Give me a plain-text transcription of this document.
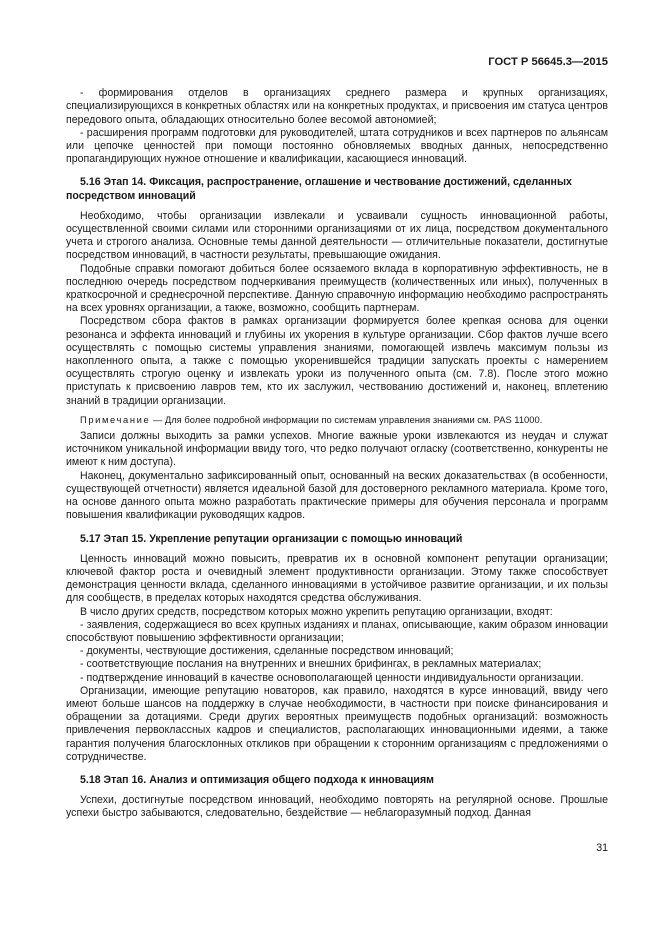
ГОСТ Р 56645.3—2015

- формирования отделов в организациях среднего размера и крупных организациях, специализирующихся в конкретных областях или на конкретных продуктах, и присвоения им статуса центров передового опыта, обладающих относительно более весомой автономией;

- расширения программ подготовки для руководителей, штата сотрудников и всех партнеров по альянсам или цепочке ценностей при помощи постоянно обновляемых вводных данных, непосредственно пропагандирующих нужное отношение и квалификации, касающиеся инноваций.

5.16 Этап 14. Фиксация, распространение, оглашение и чествование достижений, сделанных посредством инноваций

Необходимо, чтобы организации извлекали и усваивали сущность инновационной работы, осуществленной своими силами или сторонними организациями от их лица, посредством документального учета и строгого анализа. Основные темы данной деятельности — отличительные показатели, достигнутые посредством инноваций, в частности результаты, превышающие ожидания.

Подобные справки помогают добиться более осязаемого вклада в корпоративную эффективность, не в последнюю очередь посредством подчеркивания преимуществ (количественных или иных), полученных в краткосрочной и среднесрочной перспективе. Данную справочную информацию необходимо распространять на всех уровнях организации, а также, возможно, сообщить партнерам.

Посредством сбора фактов в рамках организации формируется более крепкая основа для оценки резонанса и эффекта инноваций и глубины их укорения в культуре организации. Сбор фактов лучше всего осуществлять с помощью системы управления знаниями, помогающей извлечь максимум пользы из накопленного опыта, а также с помощью укоренившейся традиции запускать проекты с намерением осуществлять строгую оценку и извлекать уроки из полученного опыта (см. 7.8). После этого можно приступать к присвоению лавров тем, кто их заслужил, чествованию достижений и, наконец, вплетению знаний в традиции организации.

Примечание — Для более подробной информации по системам управления знаниями см. PAS 11000.

Записи должны выходить за рамки успехов. Многие важные уроки извлекаются из неудач и служат источником уникальной информации ввиду того, что редко получают огласку (соответственно, конкуренты не имеют к ним доступа).

Наконец, документально зафиксированный опыт, основанный на веских доказательствах (в особенности, существующей отчетности) является идеальной базой для достоверного рекламного материала. Кроме того, на основе данного опыта можно разработать практические примеры для обучения персонала и программ повышения квалификации руководящих кадров.

5.17 Этап 15. Укрепление репутации организации с помощью инноваций

Ценность инноваций можно повысить, превратив их в основной компонент репутации организации; ключевой фактор роста и очевидный элемент продуктивности организации. Этому также способствует демонстрация ценности вклада, сделанного инновациями в устойчивое развитие организации, и их пользы для сообществ, в пределах которых находятся средства обслуживания.

В число других средств, посредством которых можно укрепить репутацию организации, входят:

- заявления, содержащиеся во всех крупных изданиях и планах, описывающие, каким образом инновации способствуют повышению эффективности организации;

- документы, чествующие достижения, сделанные посредством инноваций;

- соответствующие послания на внутренних и внешних брифингах, в рекламных материалах;

- подтверждение инноваций в качестве основополагающей ценности индивидуальности организации.

Организации, имеющие репутацию новаторов, как правило, находятся в курсе инноваций, ввиду чего имеют больше шансов на поддержку в случае необходимости, в частности при поиске финансирования и обращении за дотациями. Среди других вероятных преимуществ подобных организаций: возможность привлечения первоклассных кадров и специалистов, располагающих инновационными идеями, а также гарантия получения благосклонных откликов при обращении к сторонним организациям с предложениями о сотрудничестве.

5.18 Этап 16. Анализ и оптимизация общего подхода к инновациям

Успехи, достигнутые посредством инноваций, необходимо повторять на регулярной основе. Прошлые успехи быстро забываются, следовательно, бездействие — неблагоразумный подход. Данная

31
